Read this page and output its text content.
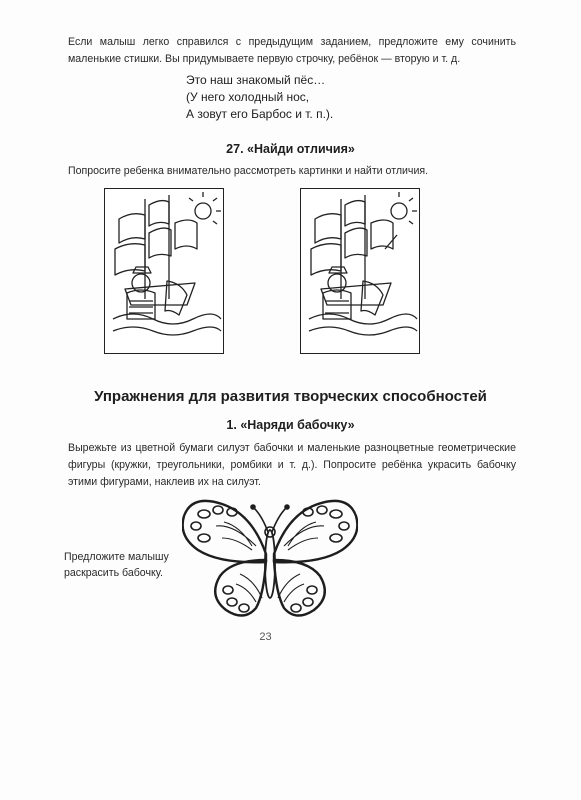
Если малыш легко справился с предыдущим заданием, предложите ему сочинить маленькие стишки. Вы придумываете первую строчку, ребёнок — вторую и т. д.

Это наш знакомый пёс…
(У него холодный нос,
А зовут его Барбос и т. п.).
27. «Найди отличия»

Попросите ребенка внимательно рассмотреть картинки и найти отличия.

Упражнения для развития творческих способностей
1. «Наряди бабочку»

Вырежьте из цветной бумаги силуэт бабочки и маленькие разноцветные геометрические фигуры (кружки, треугольники, ромбики и т. д.). Попросите ребёнка украсить бабочку этими фигурами, наклеив их на силуэт.

Предложите малышу раскрасить бабочку.
23
